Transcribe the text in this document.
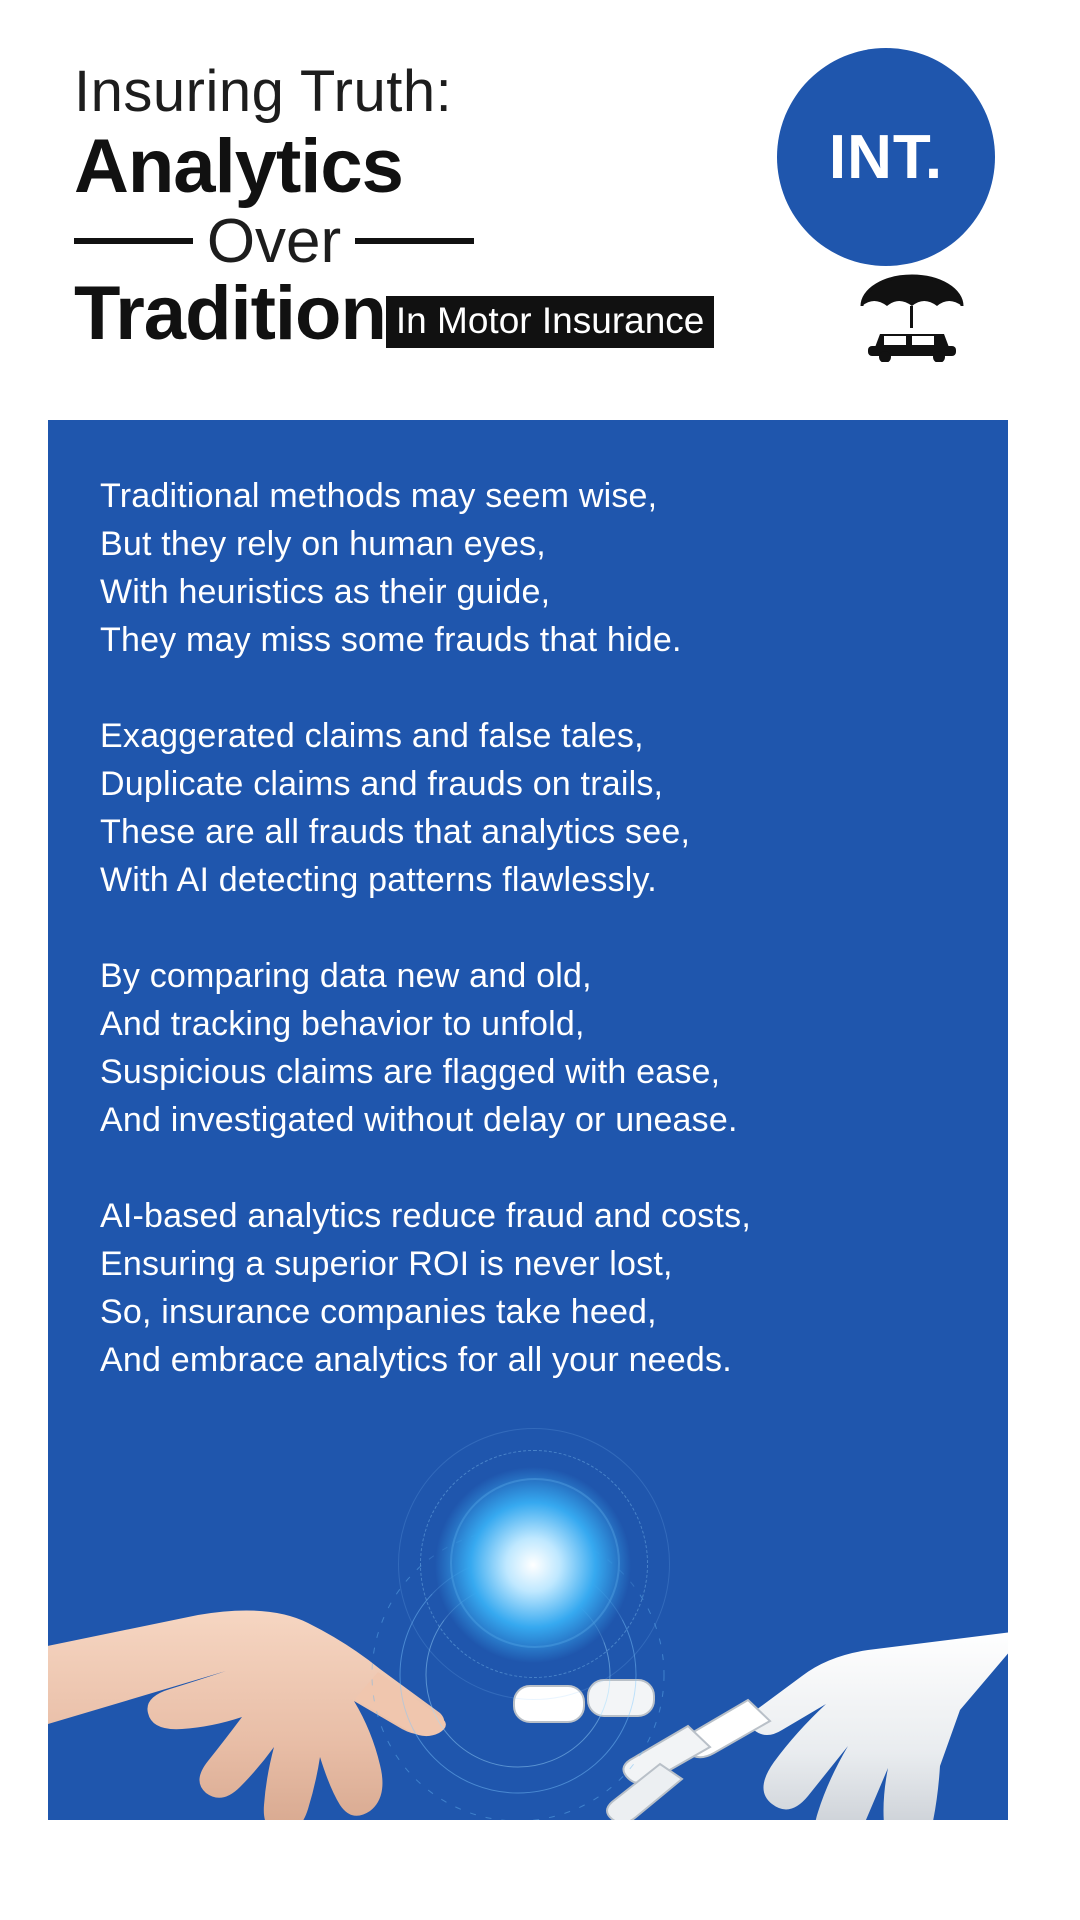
Insuring Truth:
Analytics
Over
Tradition In Motor Insurance
INT.
Traditional methods may seem wise,
But they rely on human eyes,
With heuristics as their guide,
They may miss some frauds that hide.
Exaggerated claims and false tales,
Duplicate claims and frauds on trails,
These are all frauds that analytics see,
With AI detecting patterns flawlessly.
By comparing data new and old,
And tracking behavior to unfold,
Suspicious claims are flagged with ease,
And investigated without delay or unease.
AI-based analytics reduce fraud and costs,
Ensuring a superior ROI is never lost,
So, insurance companies take heed,
And embrace analytics for all your needs.
